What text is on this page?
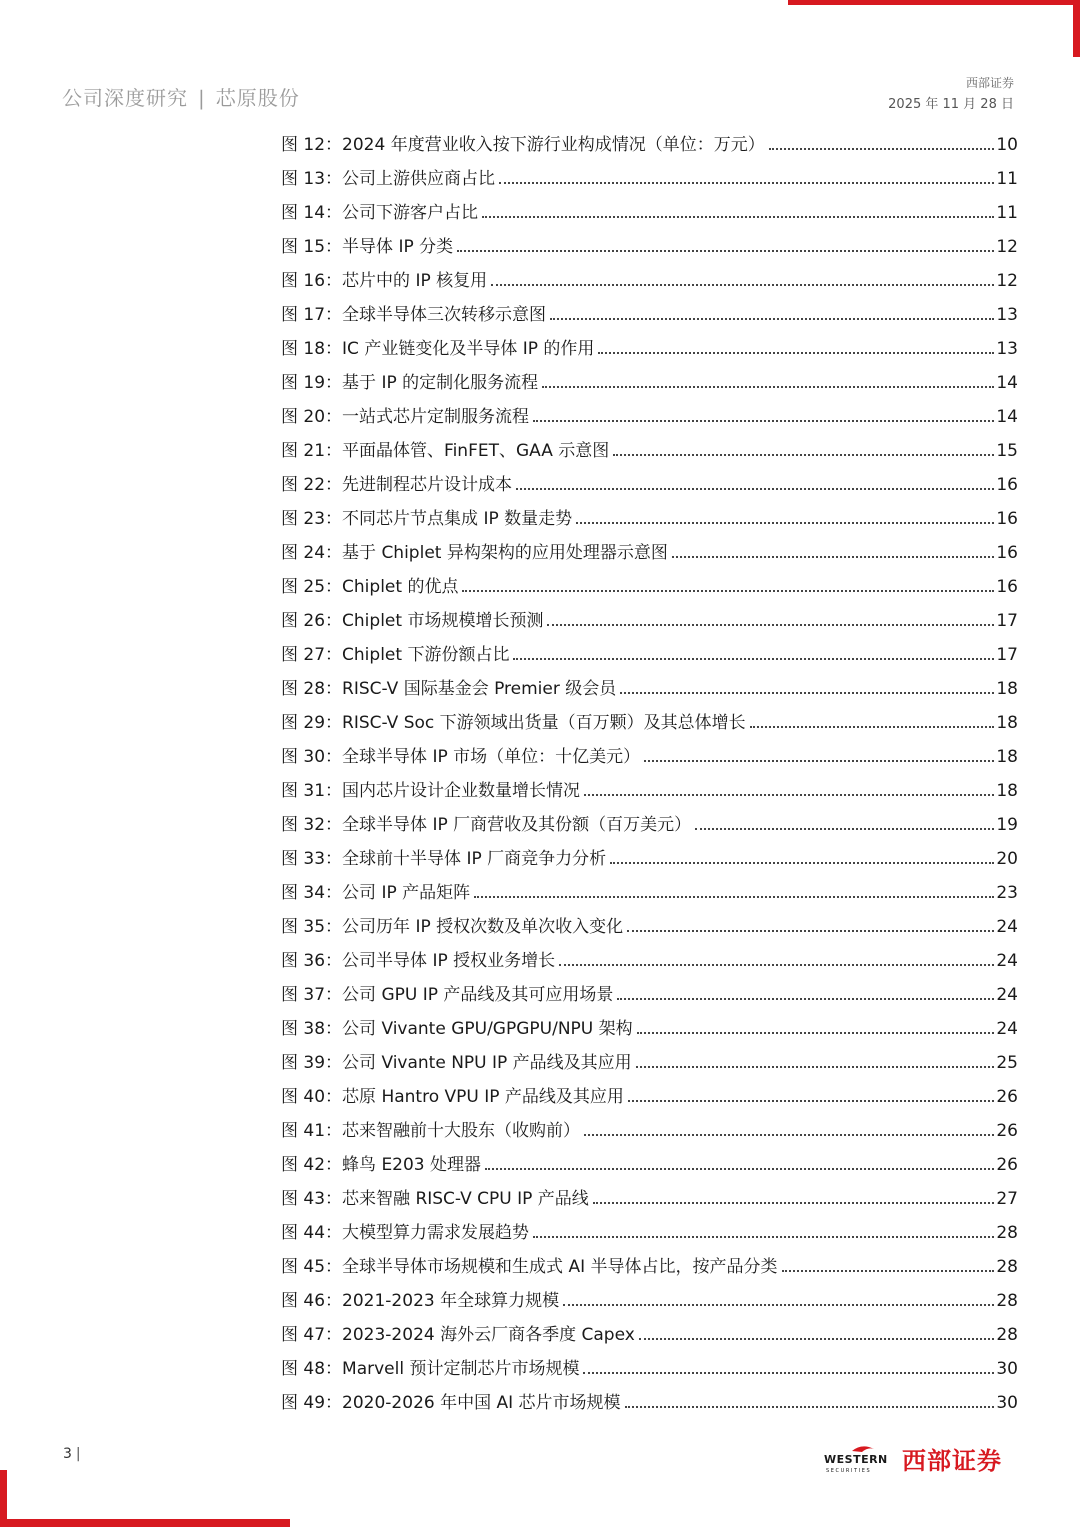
公司深度研究 | 芯原股份
西部证券
2025 年 11 月 28 日
图 12：2024 年度营业收入按下游行业构成情况（单位：万元）	10
图 13：公司上游供应商占比	11
图 14：公司下游客户占比	11
图 15：半导体 IP 分类	12
图 16：芯片中的 IP 核复用	12
图 17：全球半导体三次转移示意图	13
图 18：IC 产业链变化及半导体 IP 的作用	13
图 19：基于 IP 的定制化服务流程	14
图 20：一站式芯片定制服务流程	14
图 21：平面晶体管、FinFET、GAA 示意图	15
图 22：先进制程芯片设计成本	16
图 23：不同芯片节点集成 IP 数量走势	16
图 24：基于 Chiplet 异构架构的应用处理器示意图	16
图 25：Chiplet 的优点	16
图 26：Chiplet 市场规模增长预测	17
图 27：Chiplet 下游份额占比	17
图 28：RISC-V 国际基金会 Premier 级会员	18
图 29：RISC-V Soc 下游领域出货量（百万颗）及其总体增长	18
图 30：全球半导体 IP 市场（单位：十亿美元）	18
图 31：国内芯片设计企业数量增长情况	18
图 32：全球半导体 IP 厂商营收及其份额（百万美元）	19
图 33：全球前十半导体 IP 厂商竞争力分析	20
图 34：公司 IP 产品矩阵	23
图 35：公司历年 IP 授权次数及单次收入变化	24
图 36：公司半导体 IP 授权业务增长	24
图 37：公司 GPU IP 产品线及其可应用场景	24
图 38：公司 Vivante GPU/GPGPU/NPU 架构	24
图 39：公司 Vivante NPU IP 产品线及其应用	25
图 40：芯原 Hantro VPU IP 产品线及其应用	26
图 41：芯来智融前十大股东（收购前）	26
图 42：蜂鸟 E203 处理器	26
图 43：芯来智融 RISC-V CPU IP 产品线	27
图 44：大模型算力需求发展趋势	28
图 45：全球半导体市场规模和生成式 AI 半导体占比，按产品分类	28
图 46：2021-2023 年全球算力规模	28
图 47：2023-2024 海外云厂商各季度 Capex	28
图 48：Marvell 预计定制芯片市场规模	30
图 49：2020-2026 年中国 AI 芯片市场规模	30
3 |	WESTERN
SECURITIES 西部证券
